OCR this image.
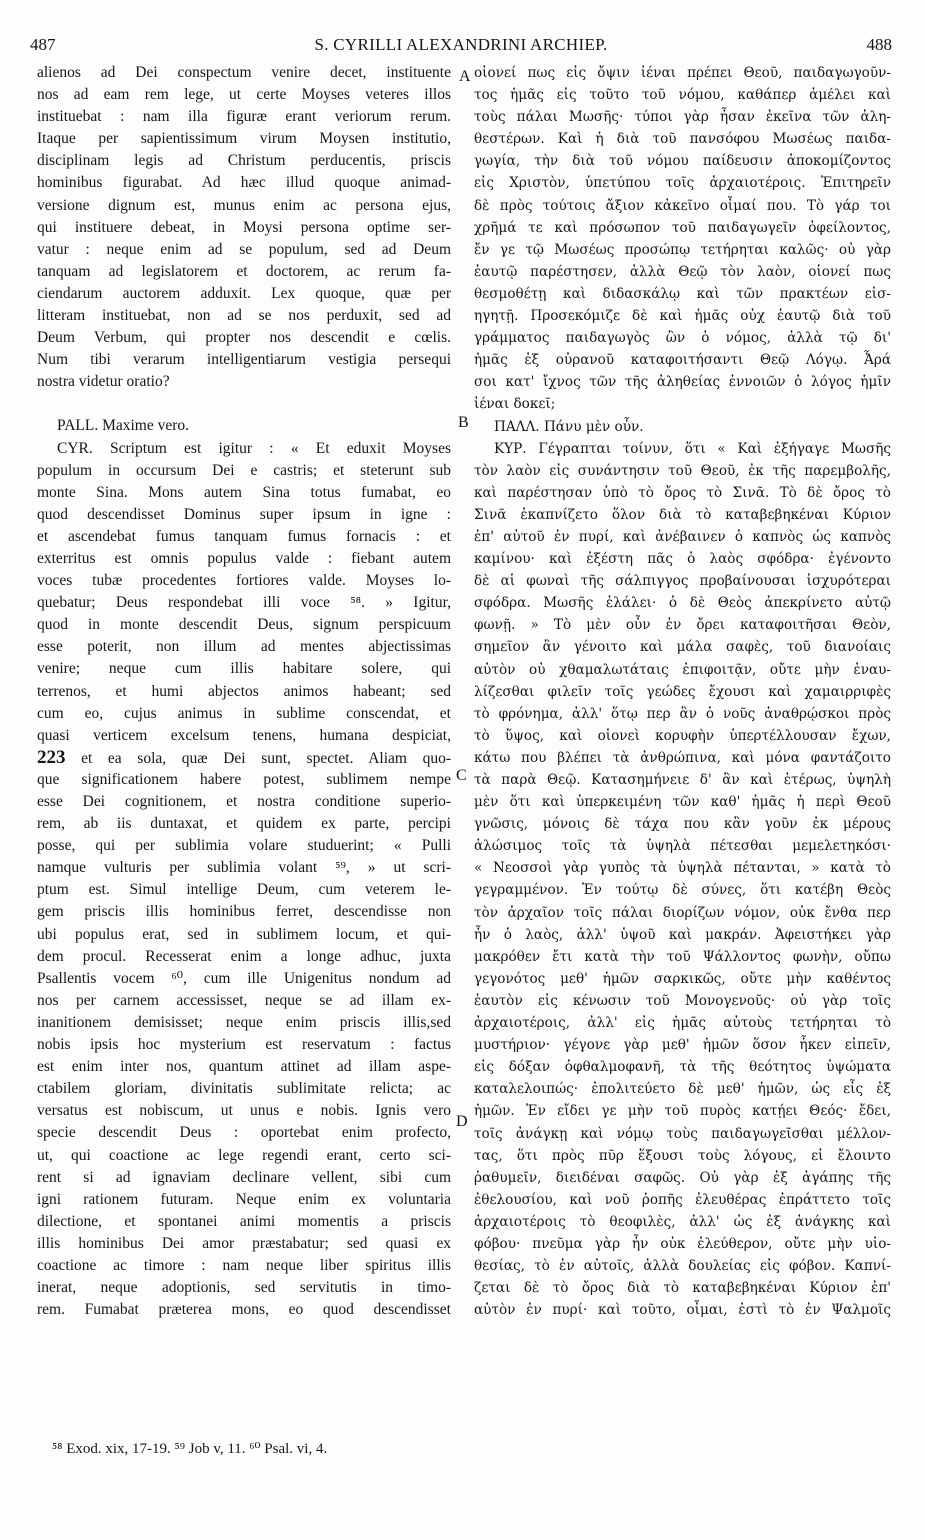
487	S. CYRILLI ALEXANDRINI ARCHIEP.	488
A
B
C
D
alienos ad Dei conspectum venire decet, instituente
nos ad eam rem lege, ut certe Moyses veteres illos
instituebat : nam illa figuræ erant veriorum rerum.
Itaque per sapientissimum virum Moysen institutio,
disciplinam legis ad Christum perducentis, priscis
hominibus figurabat. Ad hæc illud quoque animad-
versione dignum est, munus enim ac persona ejus,
qui instituere debeat, in Moysi persona optime ser-
vatur : neque enim ad se populum, sed ad Deum
tanquam ad legislatorem et doctorem, ac rerum fa-
ciendarum auctorem adduxit. Lex quoque, quæ per
litteram instituebat, non ad se nos perduxit, sed ad
Deum Verbum, qui propter nos descendit e cœlis.
Num tibi verarum intelligentiarum vestigia persequi
nostra videtur oratio?
PALL. Maxime vero.
CYR. Scriptum est igitur : « Et eduxit Moyses
populum in occursum Dei e castris; et steterunt sub
monte Sina. Mons autem Sina totus fumabat, eo
quod descendisset Dominus super ipsum in igne :
et ascendebat fumus tanquam fumus fornacis : et
exterritus est omnis populus valde : fiebant autem
voces tubæ procedentes fortiores valde. Moyses lo-
quebatur; Deus respondebat illi voce ⁵⁸. » Igitur,
quod in monte descendit Deus, signum perspicuum
esse poterit, non illum ad mentes abjectissimas
venire; neque cum illis habitare solere, qui
terrenos, et humi abjectos animos habeant; sed
cum eo, cujus animus in sublime conscendat, et
quasi verticem excelsum tenens, humana despiciat,
223 et ea sola, quæ Dei sunt, spectet. Aliam quo-
que significationem habere potest, sublimem nempe
esse Dei cognitionem, et nostra conditione superio-
rem, ab iis duntaxat, et quidem ex parte, percipi
posse, qui per sublimia volare studuerint; « Pulli
namque vulturis per sublimia volant ⁵⁹, » ut scri-
ptum est. Simul intellige Deum, cum veterem le-
gem priscis illis hominibus ferret, descendisse non
ubi populus erat, sed in sublimem locum, et qui-
dem procul. Recesserat enim a longe adhuc, juxta
Psallentis vocem ⁶⁰, cum ille Unigenitus nondum ad
nos per carnem accessisset, neque se ad illam ex-
inanitionem demisisset; neque enim priscis illis,sed
nobis ipsis hoc mysterium est reservatum : factus
est enim inter nos, quantum attinet ad illam aspe-
ctabilem gloriam, divinitatis sublimitate relicta; ac
versatus est nobiscum, ut unus e nobis. Ignis vero
specie descendit Deus : oportebat enim profecto,
ut, qui coactione ac lege regendi erant, certo sci-
rent si ad ignaviam declinare vellent, sibi cum
igni rationem futuram. Neque enim ex voluntaria
dilectione, et spontanei animi momentis a priscis
illis hominibus Dei amor præstabatur; sed quasi ex
coactione ac timore : nam neque liber spiritus illis
inerat, neque adoptionis, sed servitutis in timo-
rem. Fumabat præterea mons, eo quod descendisset
οἱονεί πως εἰς ὄψιν ἰέναι πρέπει Θεοῦ, παιδαγωγοῦν-
τος ἡμᾶς εἰς τοῦτο τοῦ νόμου, καθάπερ ἀμέλει καὶ
τοὺς πάλαι Μωσῆς· τύποι γὰρ ἦσαν ἐκεῖνα τῶν ἀλη-
θεστέρων. Καὶ ἡ διὰ τοῦ πανσόφου Μωσέως παιδα-
γωγία, τὴν διὰ τοῦ νόμου παίδευσιν ἀποκομίζοντος
εἰς Χριστὸν, ὑπετύπου τοῖς ἀρχαιοτέροις. Ἐπιτηρεῖν
δὲ πρὸς τούτοις ἄξιον κἀκεῖνο οἶμαί που. Τὸ γάρ τοι
χρῆμά τε καὶ πρόσωπον τοῦ παιδαγωγεῖν ὀφείλοντος,
ἔν γε τῷ Μωσέως προσώπῳ τετήρηται καλῶς· οὐ γὰρ
ἑαυτῷ παρέστησεν, ἀλλὰ Θεῷ τὸν λαὸν, οἱονεί πως
θεσμοθέτῃ καὶ διδασκάλῳ καὶ τῶν πρακτέων εἰσ-
ηγητῇ. Προσεκόμιζε δὲ καὶ ἡμᾶς οὐχ ἑαυτῷ διὰ τοῦ
γράμματος παιδαγωγὸς ὢν ὁ νόμος, ἀλλὰ τῷ δι'
ἡμᾶς ἐξ οὐρανοῦ καταφοιτήσαντι Θεῷ Λόγῳ. Ἆρά
σοι κατ' ἴχνος τῶν τῆς ἀληθείας ἐννοιῶν ὁ λόγος ἡμῖν
ἰέναι δοκεῖ;
ΠΑΛΛ. Πάνυ μὲν οὖν.
ΚΥΡ. Γέγραπται τοίνυν, ὅτι « Καὶ ἐξήγαγε Μωσῆς
τὸν λαὸν εἰς συνάντησιν τοῦ Θεοῦ, ἐκ τῆς παρεμβολῆς,
καὶ παρέστησαν ὑπὸ τὸ ὄρος τὸ Σινᾶ. Τὸ δὲ ὄρος τὸ
Σινᾶ ἐκαπνίζετο ὅλον διὰ τὸ καταβεβηκέναι Κύριον
ἐπ' αὐτοῦ ἐν πυρί, καὶ ἀνέβαινεν ὁ καπνὸς ὡς καπνὸς
καμίνου· καὶ ἐξέστη πᾶς ὁ λαὸς σφόδρα· ἐγένοντο
δὲ αἱ φωναὶ τῆς σάλπιγγος προβαίνουσαι ἰσχυρότεραι
σφόδρα. Μωσῆς ἐλάλει· ὁ δὲ Θεὸς ἀπεκρίνετο αὐτῷ
φωνῇ. » Τὸ μὲν οὖν ἐν ὄρει καταφοιτῆσαι Θεὸν,
σημεῖον ἂν γένοιτο καὶ μάλα σαφὲς, τοῦ διανοίαις
αὐτὸν οὐ χθαμαλωτάταις ἐπιφοιτᾷν, οὔτε μὴν ἐναυ-
λίζεσθαι φιλεῖν τοῖς γεώδες ἔχουσι καὶ χαμαιρριφὲς
τὸ φρόνημα, ἀλλ' ὅτῳ περ ἂν ὁ νοῦς ἀναθρῴσκοι πρὸς
τὸ ὕψος, καὶ οἱονεὶ κορυφὴν ὑπερτέλλουσαν ἔχων,
κάτω που βλέπει τὰ ἀνθρώπινα, καὶ μόνα φαντάζοιτο
τὰ παρὰ Θεῷ. Κατασημήνειε δ' ἂν καὶ ἑτέρως, ὑψηλὴ
μὲν ὅτι καὶ ὑπερκειμένη τῶν καθ' ἡμᾶς ἡ περὶ Θεοῦ
γνῶσις, μόνοις δὲ τάχα που κἂν γοῦν ἐκ μέρους
ἁλώσιμος τοῖς τὰ ὑψηλὰ πέτεσθαι μεμελετηκόσι·
« Νεοσσοὶ γὰρ γυπὸς τὰ ὑψηλὰ πέτανται, » κατὰ τὸ
γεγραμμένον. Ἐν τούτῳ δὲ σύνες, ὅτι κατέβη Θεὸς
τὸν ἀρχαῖον τοῖς πάλαι διορίζων νόμον, οὐκ ἔνθα περ
ἦν ὁ λαὸς, ἀλλ' ὑψοῦ καὶ μακράν. Ἀφειστήκει γὰρ
μακρόθεν ἔτι κατὰ τὴν τοῦ Ψάλλοντος φωνὴν, οὔπω
γεγονότος μεθ' ἡμῶν σαρκικῶς, οὔτε μὴν καθέντος
ἑαυτὸν εἰς κένωσιν τοῦ Μονογενοῦς· οὐ γὰρ τοῖς
ἀρχαιοτέροις, ἀλλ' εἰς ἡμᾶς αὐτοὺς τετήρηται τὸ
μυστήριον· γέγονε γὰρ μεθ' ἡμῶν ὅσον ἧκεν εἰπεῖν,
εἰς δόξαν ὀφθαλμοφανῆ, τὰ τῆς θεότητος ὑψώματα
καταλελοιπώς· ἐπολιτεύετο δὲ μεθ' ἡμῶν, ὡς εἷς ἐξ
ἡμῶν. Ἐν εἴδει γε μὴν τοῦ πυρὸς κατῄει Θεός· ἔδει,
τοῖς ἀνάγκῃ καὶ νόμῳ τοὺς παιδαγωγεῖσθαι μέλλον-
τας, ὅτι πρὸς πῦρ ἕξουσι τοὺς λόγους, εἰ ἔλοιντο
ῥαθυμεῖν, διειδέναι σαφῶς. Οὐ γὰρ ἐξ ἀγάπης τῆς
ἐθελουσίου, καὶ νοῦ ῥοπῆς ἐλευθέρας ἐπράττετο τοῖς
ἀρχαιοτέροις τὸ θεοφιλὲς, ἀλλ' ὡς ἐξ ἀνάγκης καὶ
φόβου· πνεῦμα γὰρ ἦν οὐκ ἐλεύθερον, οὔτε μὴν υἱο-
θεσίας, τὸ ἐν αὐτοῖς, ἀλλὰ δουλείας εἰς φόβον. Καπνί-
ζεται δὲ τὸ ὄρος διὰ τὸ καταβεβηκέναι Κύριον ἐπ'
αὐτὸν ἐν πυρί· καὶ τοῦτο, οἶμαι, ἐστὶ τὸ ἐν Ψαλμοῖς
⁵⁸ Exod. xix, 17-19. ⁵⁹ Job v, 11. ⁶⁰ Psal. vi, 4.
